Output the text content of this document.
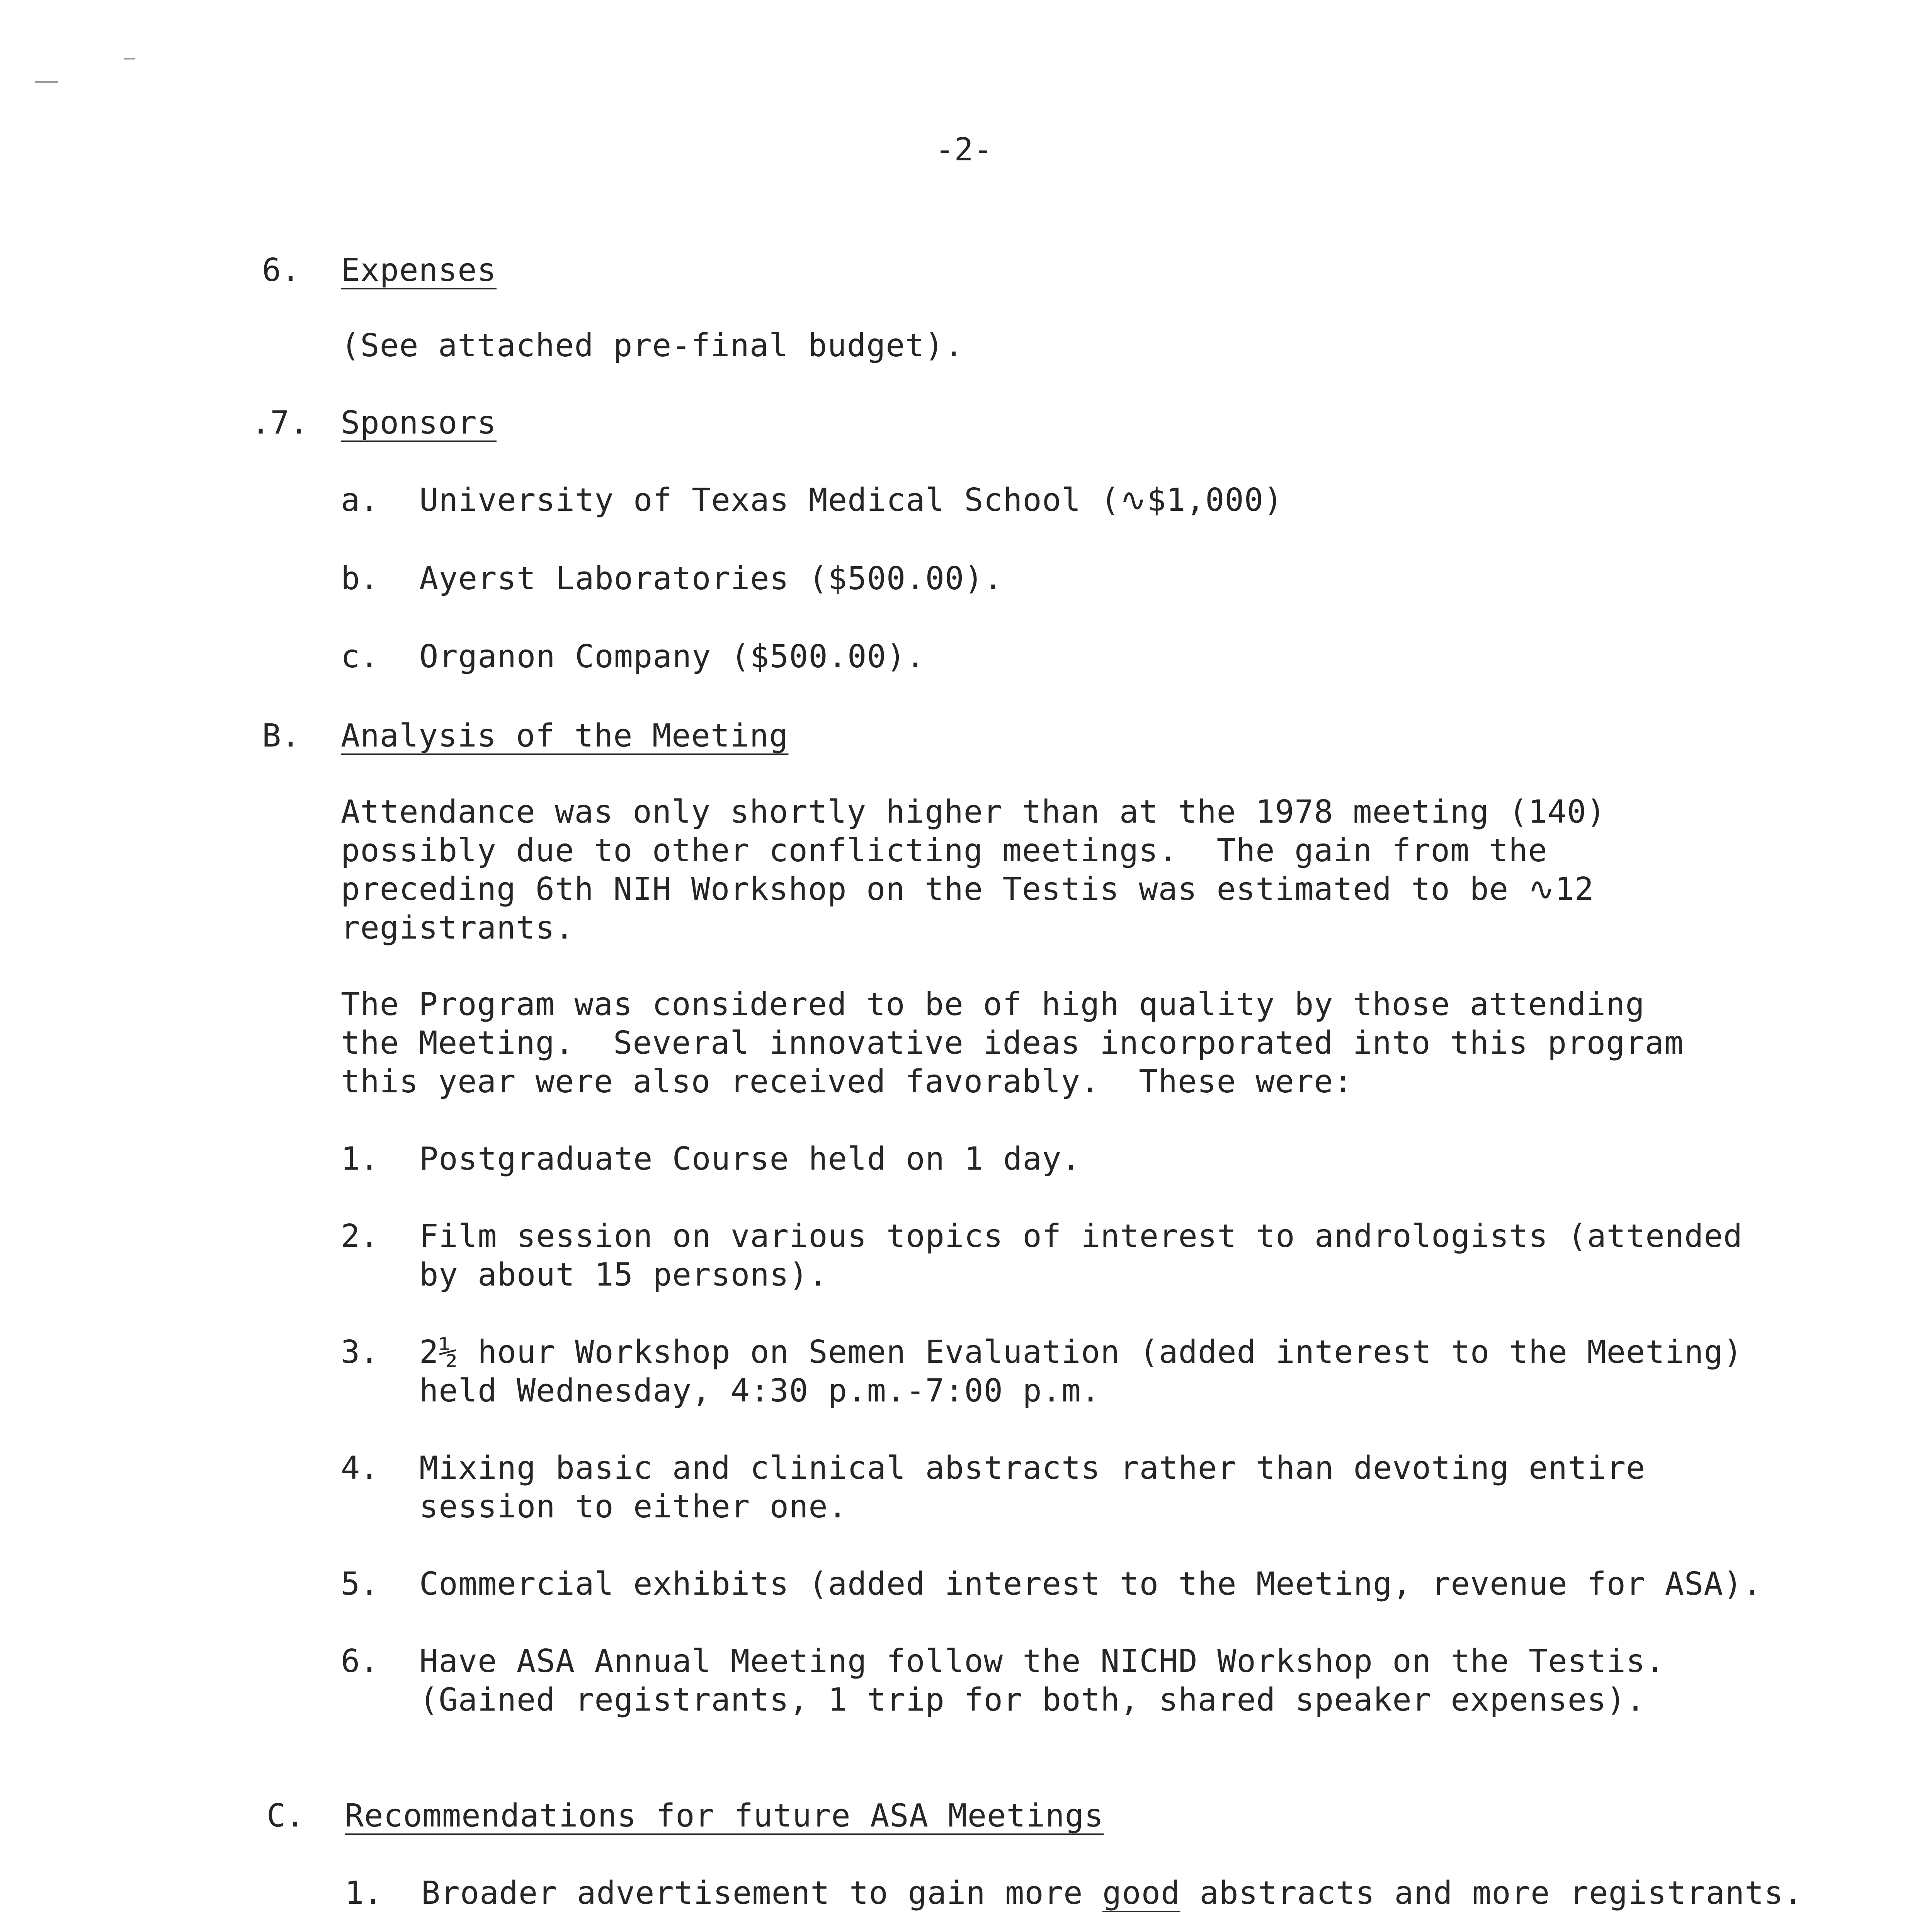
-2-
6. Expenses
(See attached pre-final budget).
.7. Sponsors
a. University of Texas Medical School (∿$1,000)
b. Ayerst Laboratories ($500.00).
c. Organon Company ($500.00).
B. Analysis of the Meeting
Attendance was only shortly higher than at the 1978 meeting (140)
possibly due to other conflicting meetings.  The gain from the
preceding 6th NIH Workshop on the Testis was estimated to be ∿12
registrants.
The Program was considered to be of high quality by those attending
the Meeting.  Several innovative ideas incorporated into this program
this year were also received favorably.  These were:
1. Postgraduate Course held on 1 day.
2. Film session on various topics of interest to andrologists (attended
by about 15 persons).
3. 2½ hour Workshop on Semen Evaluation (added interest to the Meeting)
held Wednesday, 4:30 p.m.-7:00 p.m.
4. Mixing basic and clinical abstracts rather than devoting entire
session to either one.
5. Commercial exhibits (added interest to the Meeting, revenue for ASA).
6. Have ASA Annual Meeting follow the NICHD Workshop on the Testis.
(Gained registrants, 1 trip for both, shared speaker expenses).
C. Recommendations for future ASA Meetings
1. Broader advertisement to gain more good abstracts and more registrants.
